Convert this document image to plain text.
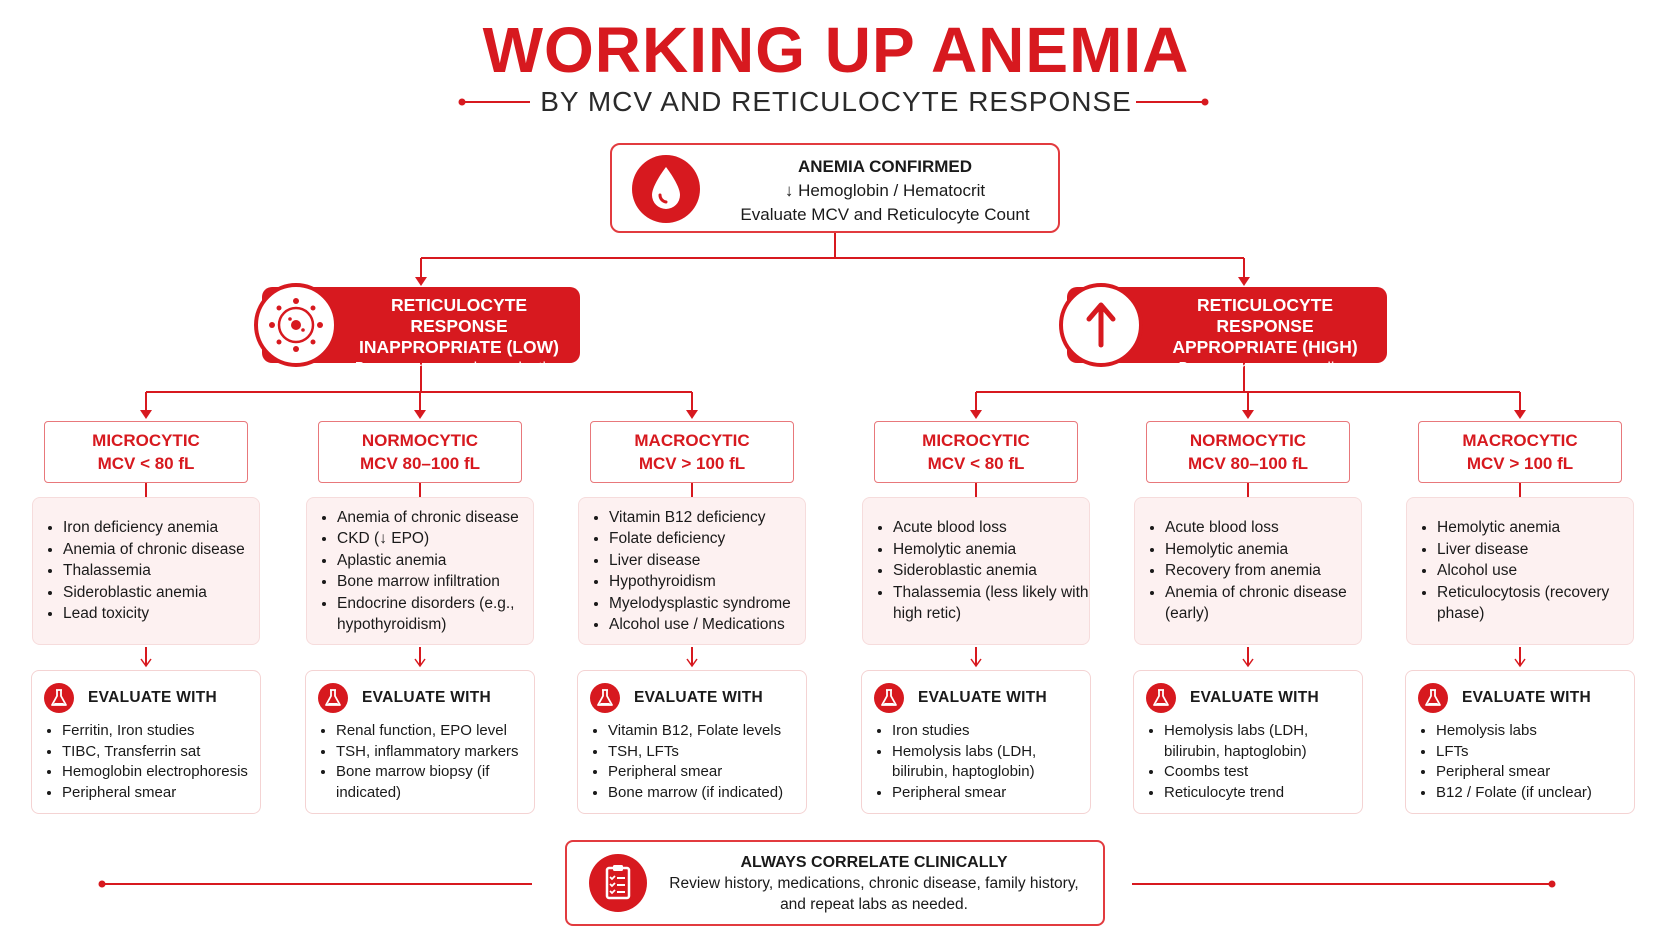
WORKING UP ANEMIA
BY MCV AND RETICULOCYTE RESPONSE
ANEMIA CONFIRMED
↓ Hemoglobin / Hematocrit
Evaluate MCV and Reticulocyte Count
RETICULOCYTE RESPONSE
INAPPROPRIATE (LOW)
Bone marrow underproduction
RETICULOCYTE RESPONSE
APPROPRIATE (HIGH)
Bone marrow responding
MICROCYTIC
MCV < 80 fL
• Iron deficiency anemia
• Anemia of chronic disease
• Thalassemia
• Sideroblastic anemia
• Lead toxicity
EVALUATE WITH
• Ferritin, Iron studies
• TIBC, Transferrin sat
• Hemoglobin electrophoresis
• Peripheral smear
NORMOCYTIC
MCV 80–100 fL
• Anemia of chronic disease
• CKD (↓ EPO)
• Aplastic anemia
• Bone marrow infiltration
• Endocrine disorders (e.g., hypothyroidism)
EVALUATE WITH
• Renal function, EPO level
• TSH, inflammatory markers
• Bone marrow biopsy (if indicated)
MACROCYTIC
MCV > 100 fL
• Vitamin B12 deficiency
• Folate deficiency
• Liver disease
• Hypothyroidism
• Myelodysplastic syndrome
• Alcohol use / Medications
EVALUATE WITH
• Vitamin B12, Folate levels
• TSH, LFTs
• Peripheral smear
• Bone marrow (if indicated)
MICROCYTIC
MCV < 80 fL
• Acute blood loss
• Hemolytic anemia
• Sideroblastic anemia
• Thalassemia (less likely with high retic)
EVALUATE WITH
• Iron studies
• Hemolysis labs (LDH, bilirubin, haptoglobin)
• Peripheral smear
NORMOCYTIC
MCV 80–100 fL
• Acute blood loss
• Hemolytic anemia
• Recovery from anemia
• Anemia of chronic disease (early)
EVALUATE WITH
• Hemolysis labs (LDH, bilirubin, haptoglobin)
• Coombs test
• Reticulocyte trend
MACROCYTIC
MCV > 100 fL
• Hemolytic anemia
• Liver disease
• Alcohol use
• Reticulocytosis (recovery phase)
EVALUATE WITH
• Hemolysis labs
• LFTs
• Peripheral smear
• B12 / Folate (if unclear)
ALWAYS CORRELATE CLINICALLY
Review history, medications, chronic disease, family history,
and repeat labs as needed.
